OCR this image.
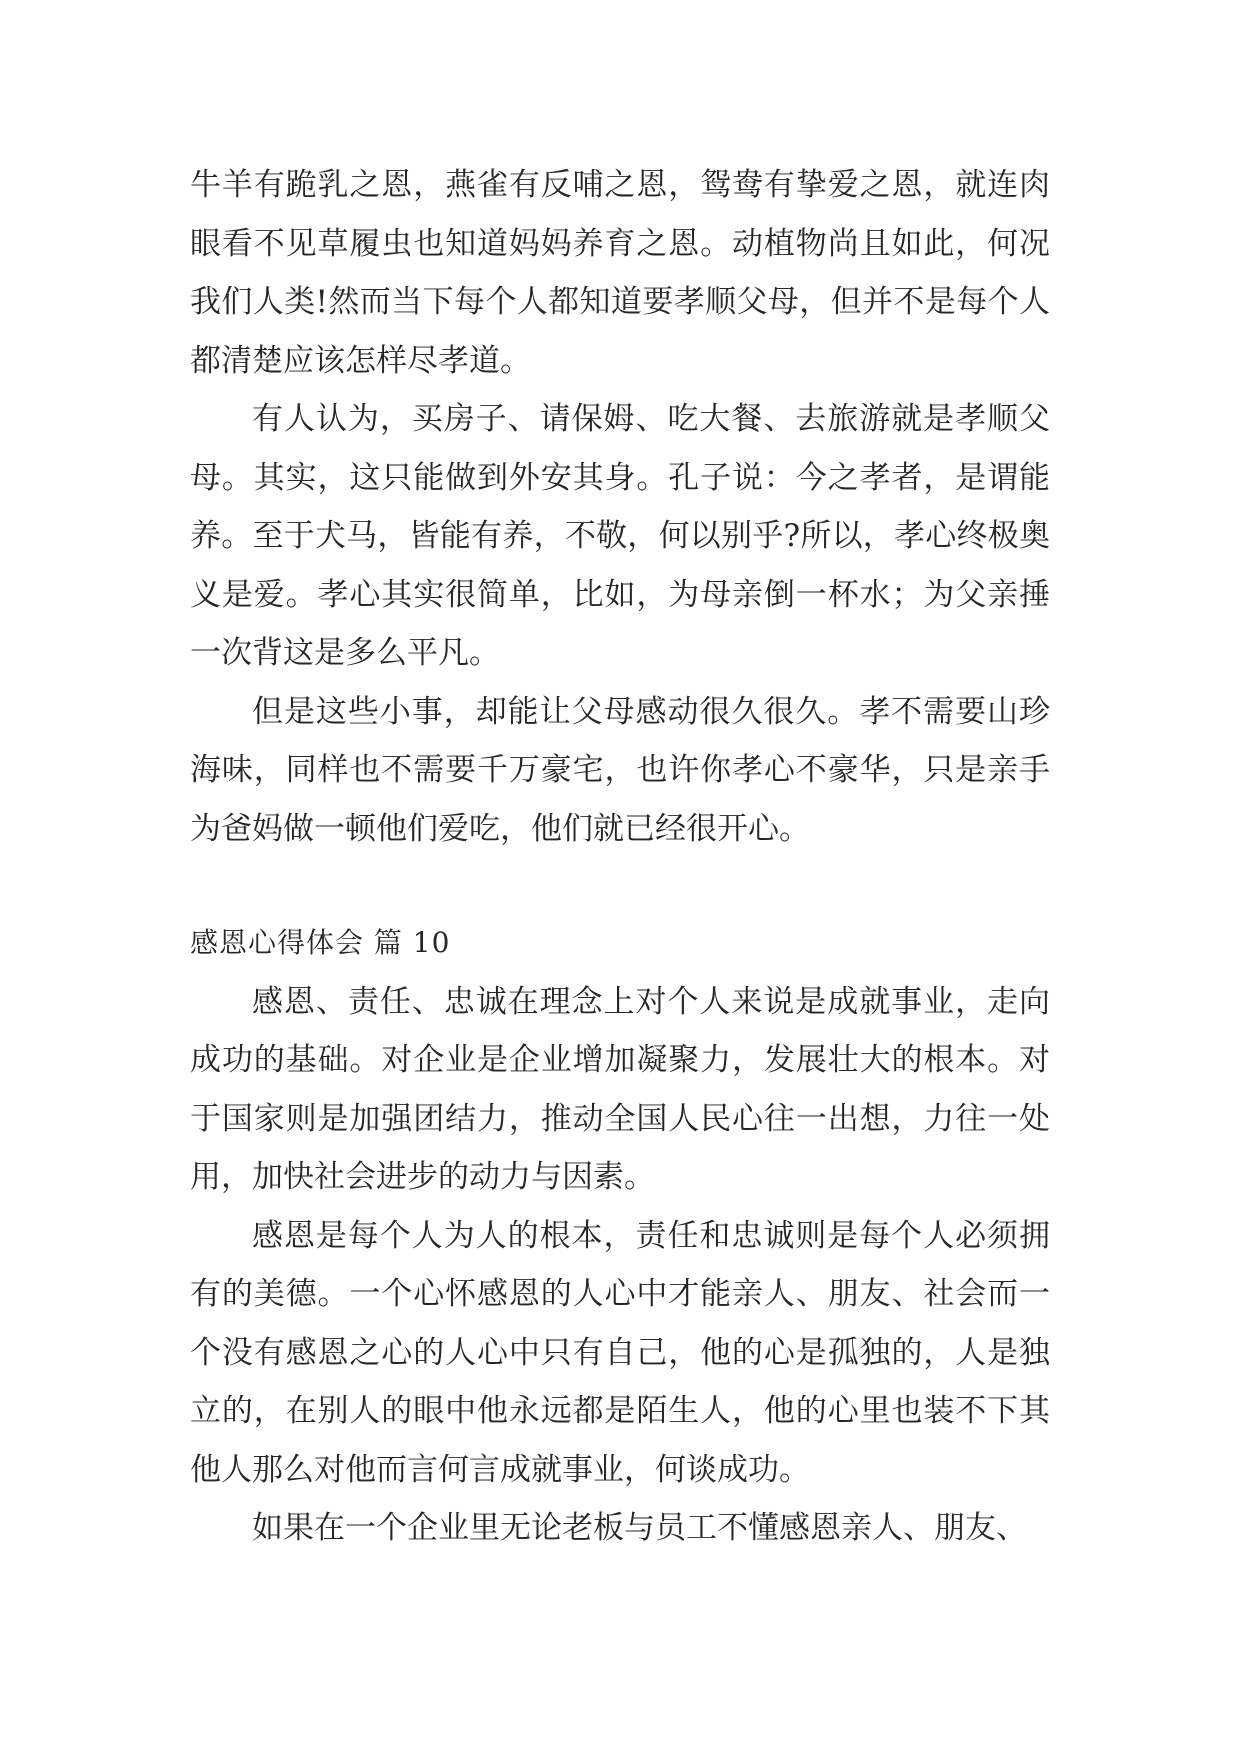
牛羊有跪乳之恩，燕雀有反哺之恩，鸳鸯有挚爱之恩，就连肉眼看不见草履虫也知道妈妈养育之恩。动植物尚且如此，何况我们人类!然而当下每个人都知道要孝顺父母，但并不是每个人都清楚应该怎样尽孝道。

有人认为，买房子、请保姆、吃大餐、去旅游就是孝顺父母。其实，这只能做到外安其身。孔子说：今之孝者，是谓能养。至于犬马，皆能有养，不敬，何以别乎?所以，孝心终极奥义是爱。孝心其实很简单，比如，为母亲倒一杯水；为父亲捶一次背这是多么平凡。

但是这些小事，却能让父母感动很久很久。孝不需要山珍海味，同样也不需要千万豪宅，也许你孝心不豪华，只是亲手为爸妈做一顿他们爱吃，他们就已经很开心。

感恩心得体会 篇 10

感恩、责任、忠诚在理念上对个人来说是成就事业，走向成功的基础。对企业是企业增加凝聚力，发展壮大的根本。对于国家则是加强团结力，推动全国人民心往一出想，力往一处用，加快社会进步的动力与因素。

感恩是每个人为人的根本，责任和忠诚则是每个人必须拥有的美德。一个心怀感恩的人心中才能亲人、朋友、社会而一个没有感恩之心的人心中只有自己，他的心是孤独的，人是独立的，在别人的眼中他永远都是陌生人，他的心里也装不下其他人那么对他而言何言成就事业，何谈成功。

如果在一个企业里无论老板与员工不懂感恩亲人、朋友、
